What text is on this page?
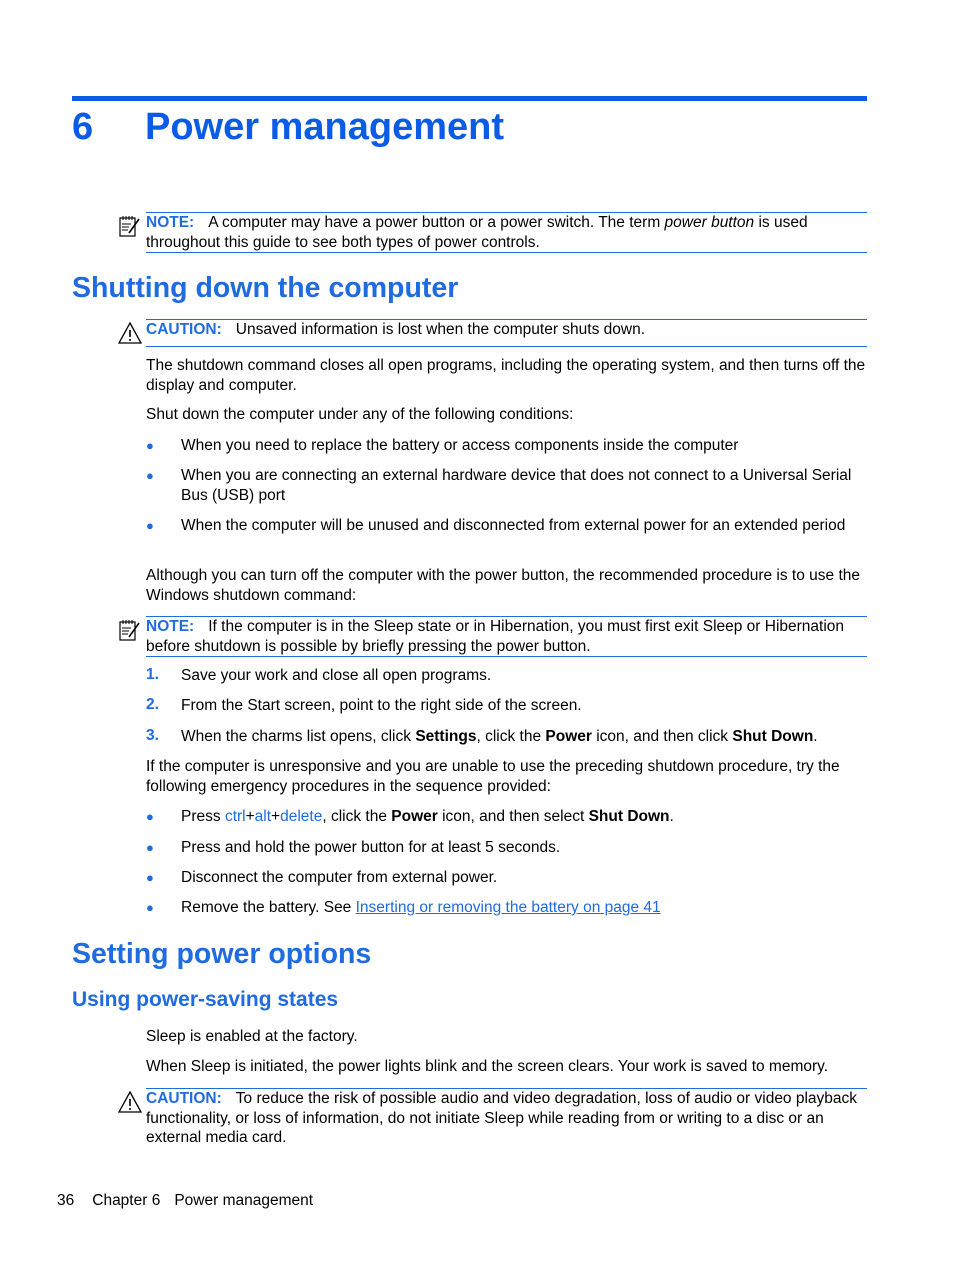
6 Power management
NOTE: A computer may have a power button or a power switch. The term power button is used throughout this guide to see both types of power controls.
Shutting down the computer
CAUTION: Unsaved information is lost when the computer shuts down.
The shutdown command closes all open programs, including the operating system, and then turns off the display and computer.
Shut down the computer under any of the following conditions:
● When you need to replace the battery or access components inside the computer
● When you are connecting an external hardware device that does not connect to a Universal Serial Bus (USB) port
● When the computer will be unused and disconnected from external power for an extended period
Although you can turn off the computer with the power button, the recommended procedure is to use the Windows shutdown command:
NOTE: If the computer is in the Sleep state or in Hibernation, you must first exit Sleep or Hibernation before shutdown is possible by briefly pressing the power button.
1. Save your work and close all open programs.
2. From the Start screen, point to the right side of the screen.
3. When the charms list opens, click Settings, click the Power icon, and then click Shut Down.
If the computer is unresponsive and you are unable to use the preceding shutdown procedure, try the following emergency procedures in the sequence provided:
● Press ctrl+alt+delete, click the Power icon, and then select Shut Down.
● Press and hold the power button for at least 5 seconds.
● Disconnect the computer from external power.
● Remove the battery. See Inserting or removing the battery on page 41
Setting power options
Using power-saving states
Sleep is enabled at the factory.
When Sleep is initiated, the power lights blink and the screen clears. Your work is saved to memory.
CAUTION: To reduce the risk of possible audio and video degradation, loss of audio or video playback functionality, or loss of information, do not initiate Sleep while reading from or writing to a disc or an external media card.
36 Chapter 6 Power management
